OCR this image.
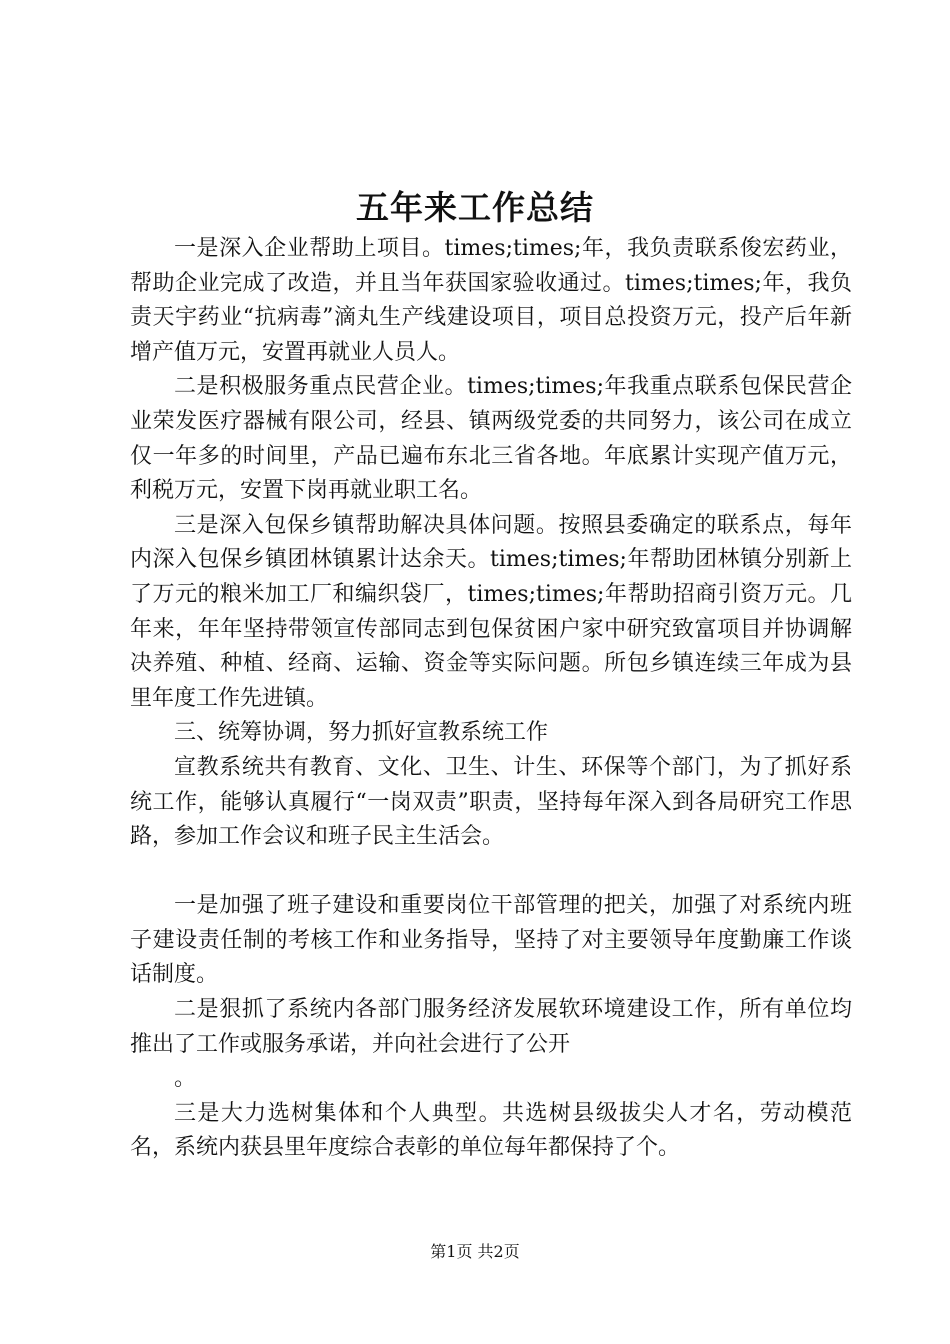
五年来工作总结

一是深入企业帮助上项目。times;times;年，我负责联系俊宏药业，帮助企业完成了改造，并且当年获国家验收通过。times;times;年，我负责天宇药业“抗病毒”滴丸生产线建设项目，项目总投资万元，投产后年新增产值万元，安置再就业人员人。

二是积极服务重点民营企业。times;times;年我重点联系包保民营企业荣发医疗器械有限公司，经县、镇两级党委的共同努力，该公司在成立仅一年多的时间里，产品已遍布东北三省各地。年底累计实现产值万元，利税万元，安置下岗再就业职工名。

三是深入包保乡镇帮助解决具体问题。按照县委确定的联系点，每年内深入包保乡镇团林镇累计达余天。times;times;年帮助团林镇分别新上了万元的粮米加工厂和编织袋厂，times;times;年帮助招商引资万元。几年来，年年坚持带领宣传部同志到包保贫困户家中研究致富项目并协调解决养殖、种植、经商、运输、资金等实际问题。所包乡镇连续三年成为县里年度工作先进镇。

三、统筹协调，努力抓好宣教系统工作

宣教系统共有教育、文化、卫生、计生、环保等个部门，为了抓好系统工作，能够认真履行“一岗双责”职责，坚持每年深入到各局研究工作思路，参加工作会议和班子民主生活会。

一是加强了班子建设和重要岗位干部管理的把关，加强了对系统内班子建设责任制的考核工作和业务指导，坚持了对主要领导年度勤廉工作谈话制度。

二是狠抓了系统内各部门服务经济发展软环境建设工作，所有单位均推出了工作或服务承诺，并向社会进行了公开

。

三是大力选树集体和个人典型。共选树县级拔尖人才名，劳动模范名，系统内获县里年度综合表彰的单位每年都保持了个。

第1页 共2页
